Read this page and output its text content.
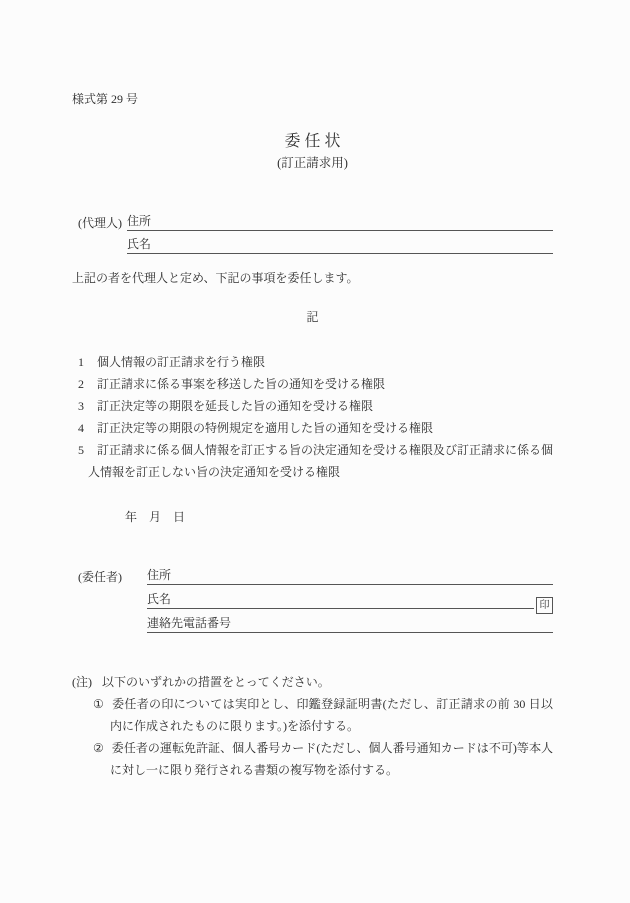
様式第 29 号
委 任 状
(訂正請求用)
(代理人) 住所
氏名

上記の者を代理人と定め、下記の事項を委任します。

記

1 個人情報の訂正請求を行う権限

2 訂正請求に係る事案を移送した旨の通知を受ける権限

3 訂正決定等の期限を延長した旨の通知を受ける権限

4 訂正決定等の期限の特例規定を適用した旨の通知を受ける権限

5 訂正請求に係る個人情報を訂正する旨の決定通知を受ける権限及び訂正請求に係る個人情報を訂正しない旨の決定通知を受ける権限

年　月　日
(委任者)	住所
氏名	印
連絡先電話番号
(注) 以下のいずれかの措置をとってください。

① 委任者の印については実印とし、印鑑登録証明書(ただし、訂正請求の前 30 日以内に作成されたものに限ります。)を添付する。

② 委任者の運転免許証、個人番号カード(ただし、個人番号通知カードは不可)等本人に対し一に限り発行される書類の複写物を添付する。
